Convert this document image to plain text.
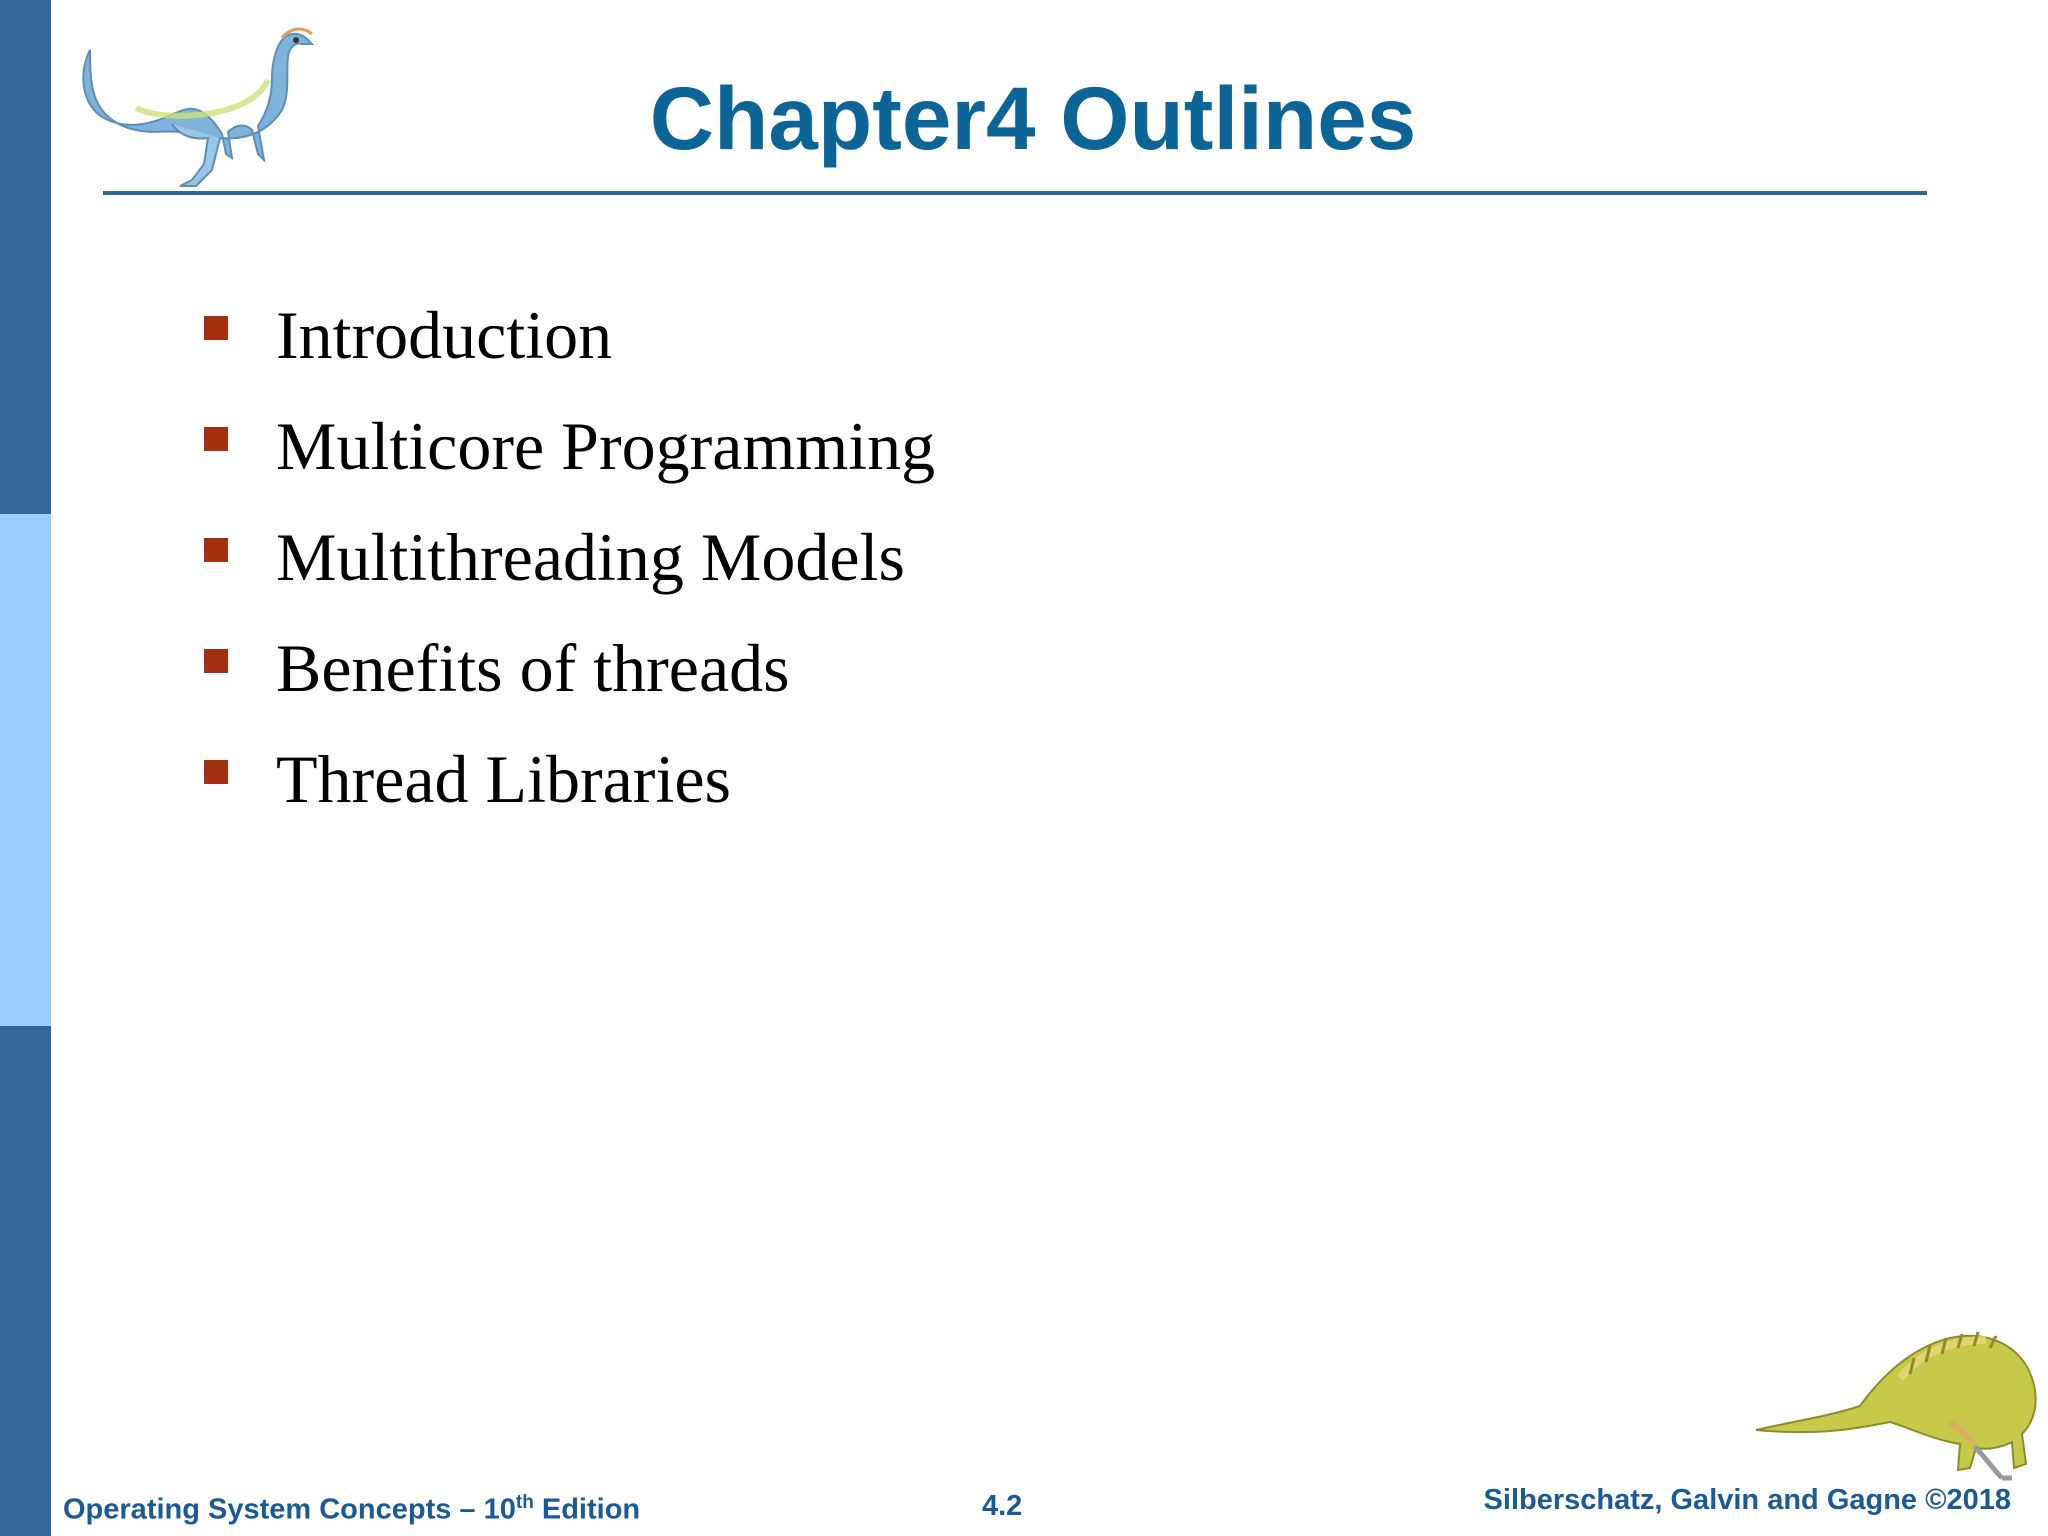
Chapter4 Outlines
Introduction
Multicore Programming
Multithreading Models
Benefits of threads
Thread Libraries
Operating System Concepts – 10th Edition	4.2	Silberschatz, Galvin and Gagne ©2018
